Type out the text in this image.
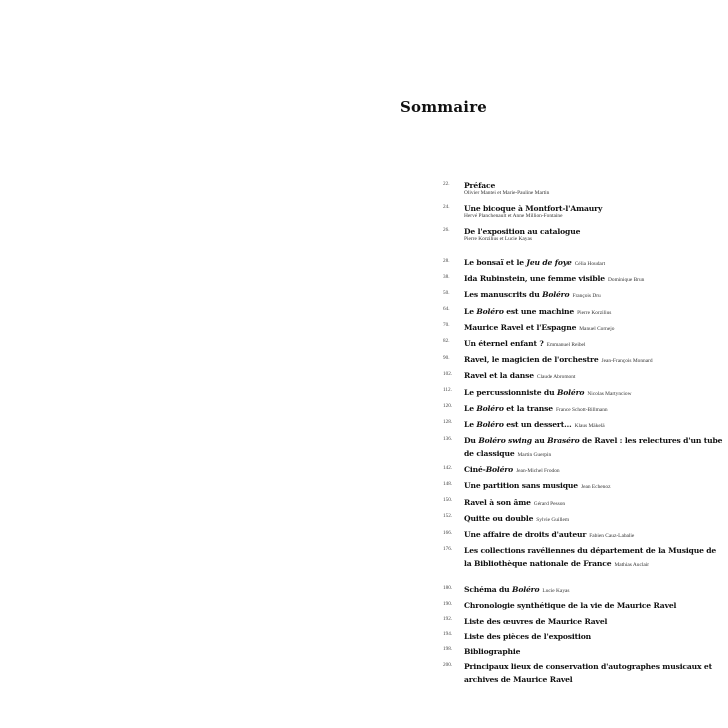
Sommaire
22.	Préface
Olivier Mantei et Marie-Pauline Martin
24.	Une bicoque à Montfort-l'Amaury
Hervé Planchenault et Anne Million-Fontaine
26.	De l'exposition au catalogue
Pierre Korzilius et Lucie Kayas
28.	Le bonsaï et le Jeu de foye Célia Houdart
38.	Ida Rubinstein, une femme visible Dominique Brun
50.	Les manuscrits du Boléro François Dru
64.	Le Boléro est une machine Pierre Korzilius
70.	Maurice Ravel et l'Espagne Manuel Cornejo
82.	Un éternel enfant ? Emmanuel Reibel
90.	Ravel, le magicien de l'orchestre Jean-François Monnard
102.	Ravel et la danse Claude Abromont
112.	Le percussionniste du Boléro Nicolas Martynciow
120.	Le Boléro et la transe France Schott-Billmann
128.	Le Boléro est un dessert… Klaus Mäkelä
136.	Du Boléro swing au Braséro de Ravel : les relectures d'un tube de classique Martin Guerpin
142.	Ciné-Boléro Jean-Michel Frodon
148.	Une partition sans musique Jean Echenoz
150.	Ravel à son âme Gérard Pesson
152.	Quitte ou double Sylvie Guillem
166.	Une affaire de droits d'auteur Fabien Cauz-Labalie
176.	Les collections ravéliennes du département de la Musique de la Bibliothèque nationale de France Mathias Auclair
180.	Schéma du Boléro Lucie Kayas
190.	Chronologie synthétique de la vie de Maurice Ravel
192.	Liste des œuvres de Maurice Ravel
194.	Liste des pièces de l'exposition
198.	Bibliographie
200.	Principaux lieux de conservation d'autographes musicaux et archives de Maurice Ravel
